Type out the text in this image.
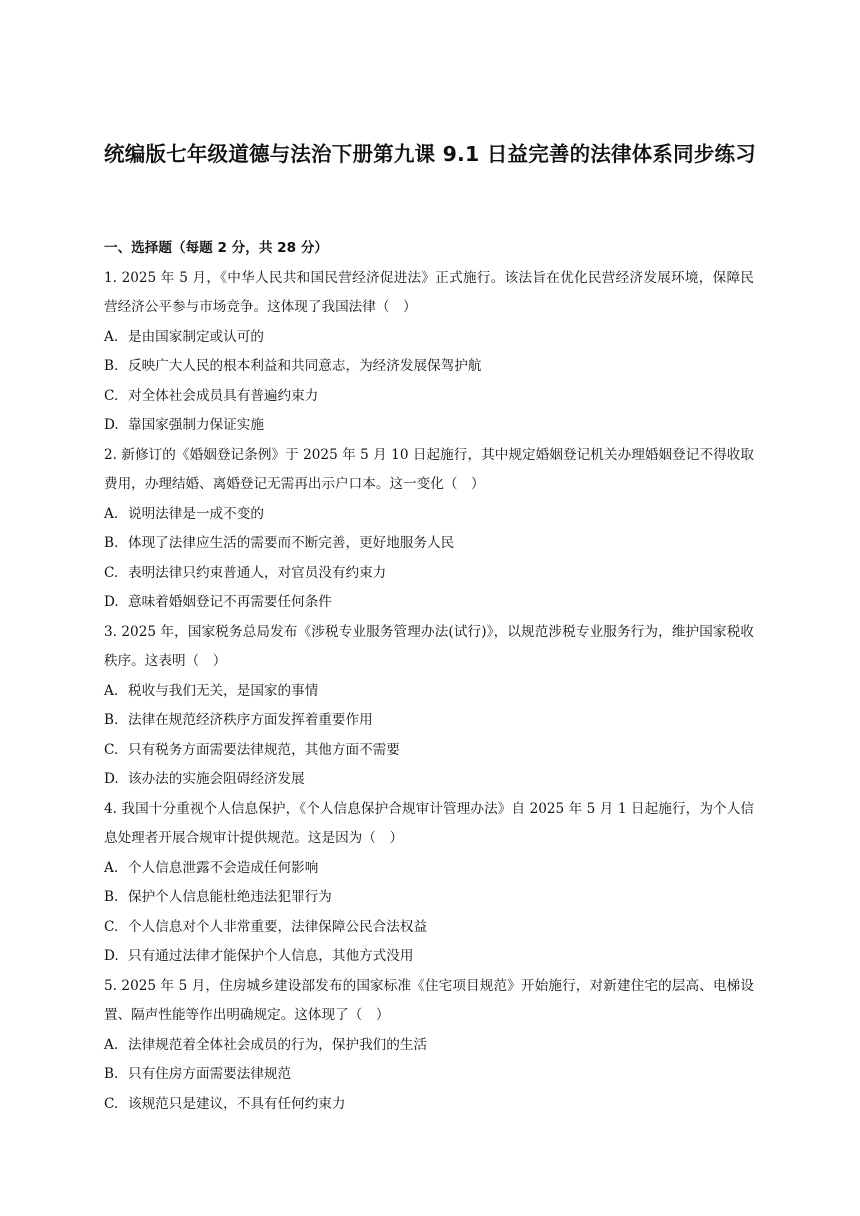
统编版七年级道德与法治下册第九课 9.1 日益完善的法律体系同步练习
一、选择题（每题 2 分，共 28 分）
1. 2025 年 5 月，《中华人民共和国民营经济促进法》正式施行。该法旨在优化民营经济发展环境，保障民营经济公平参与市场竞争。这体现了我国法律（　）
A. 是由国家制定或认可的
B. 反映广大人民的根本利益和共同意志，为经济发展保驾护航
C. 对全体社会成员具有普遍约束力
D. 靠国家强制力保证实施
2. 新修订的《婚姻登记条例》于 2025 年 5 月 10 日起施行，其中规定婚姻登记机关办理婚姻登记不得收取费用，办理结婚、离婚登记无需再出示户口本。这一变化（　）
A. 说明法律是一成不变的
B. 体现了法律应生活的需要而不断完善，更好地服务人民
C. 表明法律只约束普通人，对官员没有约束力
D. 意味着婚姻登记不再需要任何条件
3. 2025 年，国家税务总局发布《涉税专业服务管理办法(试行)》，以规范涉税专业服务行为，维护国家税收秩序。这表明（　）
A. 税收与我们无关，是国家的事情
B. 法律在规范经济秩序方面发挥着重要作用
C. 只有税务方面需要法律规范，其他方面不需要
D. 该办法的实施会阻碍经济发展
4. 我国十分重视个人信息保护，《个人信息保护合规审计管理办法》自 2025 年 5 月 1 日起施行，为个人信息处理者开展合规审计提供规范。这是因为（　）
A. 个人信息泄露不会造成任何影响
B. 保护个人信息能杜绝违法犯罪行为
C. 个人信息对个人非常重要，法律保障公民合法权益
D. 只有通过法律才能保护个人信息，其他方式没用
5. 2025 年 5 月，住房城乡建设部发布的国家标准《住宅项目规范》开始施行，对新建住宅的层高、电梯设置、隔声性能等作出明确规定。这体现了（　）
A. 法律规范着全体社会成员的行为，保护我们的生活
B. 只有住房方面需要法律规范
C. 该规范只是建议，不具有任何约束力
